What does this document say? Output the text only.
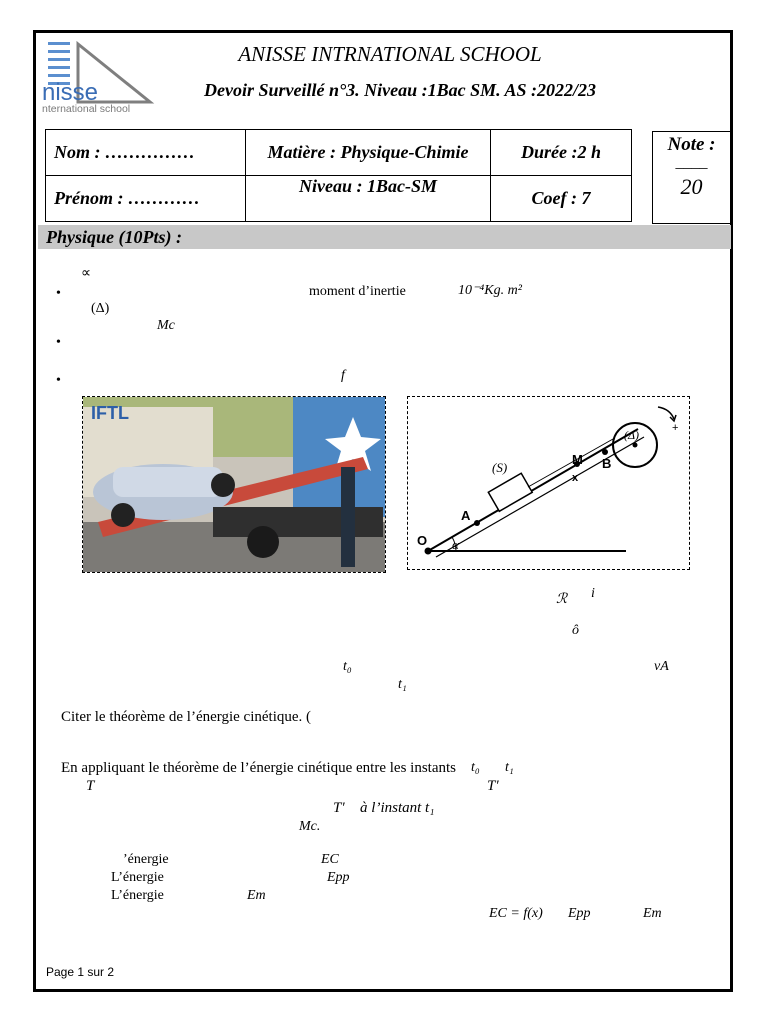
nisse
nternational school
ANISSE INTRNATIONAL SCHOOL
Devoir Surveillé n°3. Niveau :1Bac SM. AS :2022/23
Nom : ……………	Matière : Physique-Chimie	Durée :2 h
Prénom : …………	Niveau : 1Bac-SM	Coef : 7
Note :
____
20
Physique (10Pts) :
∝
•	moment d’inertie	10⁻⁴Kg. m²
(Δ)
Mc
•
•	f⃗
IFTL
O
A
M B
x
(S)
α
(Δ)	+
ℛ i⃗
ô
t₀	vA
t₁
Citer le théorème de l’énergie cinétique. (
En appliquant le théorème de l’énergie cinétique entre les instants t₀ t₁
T⃗	T′⃗
T′⃗ à l’instant t₁
Mc.
’énergie	EC
L’énergie	Epp
L’énergie	Em
EC = f(x) Epp	Em
Page 1 sur 2
